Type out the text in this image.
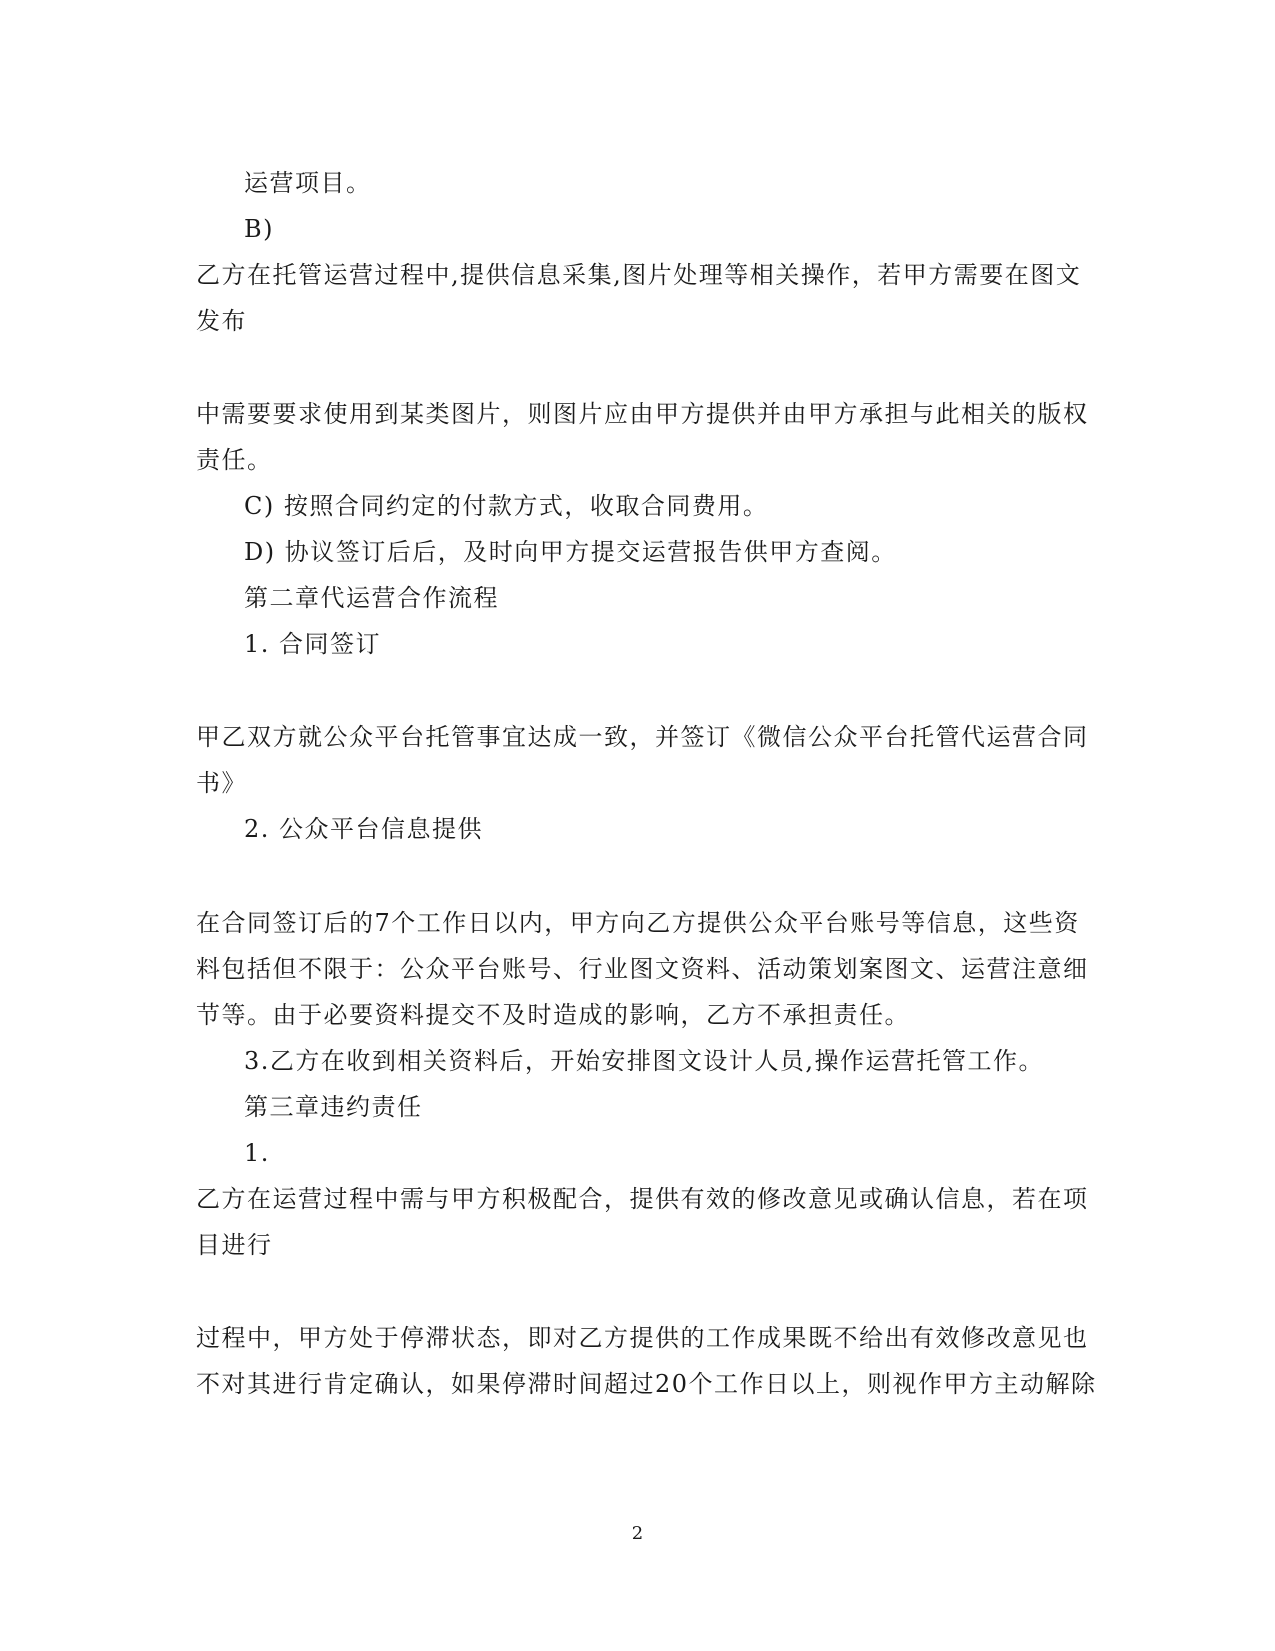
运营项目。
B)
乙方在托管运营过程中,提供信息采集,图片处理等相关操作，若甲方需要在图文
发布
中需要要求使用到某类图片，则图片应由甲方提供并由甲方承担与此相关的版权
责任。
C) 按照合同约定的付款方式，收取合同费用。
D) 协议签订后后，及时向甲方提交运营报告供甲方查阅。
第二章代运营合作流程
1. 合同签订
甲乙双方就公众平台托管事宜达成一致，并签订《微信公众平台托管代运营合同
书》
2. 公众平台信息提供
在合同签订后的7个工作日以内，甲方向乙方提供公众平台账号等信息，这些资
料包括但不限于：公众平台账号、行业图文资料、活动策划案图文、运营注意细
节等。由于必要资料提交不及时造成的影响，乙方不承担责任。
3.乙方在收到相关资料后，开始安排图文设计人员,操作运营托管工作。
第三章违约责任
1.
乙方在运营过程中需与甲方积极配合，提供有效的修改意见或确认信息，若在项
目进行
过程中，甲方处于停滞状态，即对乙方提供的工作成果既不给出有效修改意见也
不对其进行肯定确认，如果停滞时间超过20个工作日以上，则视作甲方主动解除
2
